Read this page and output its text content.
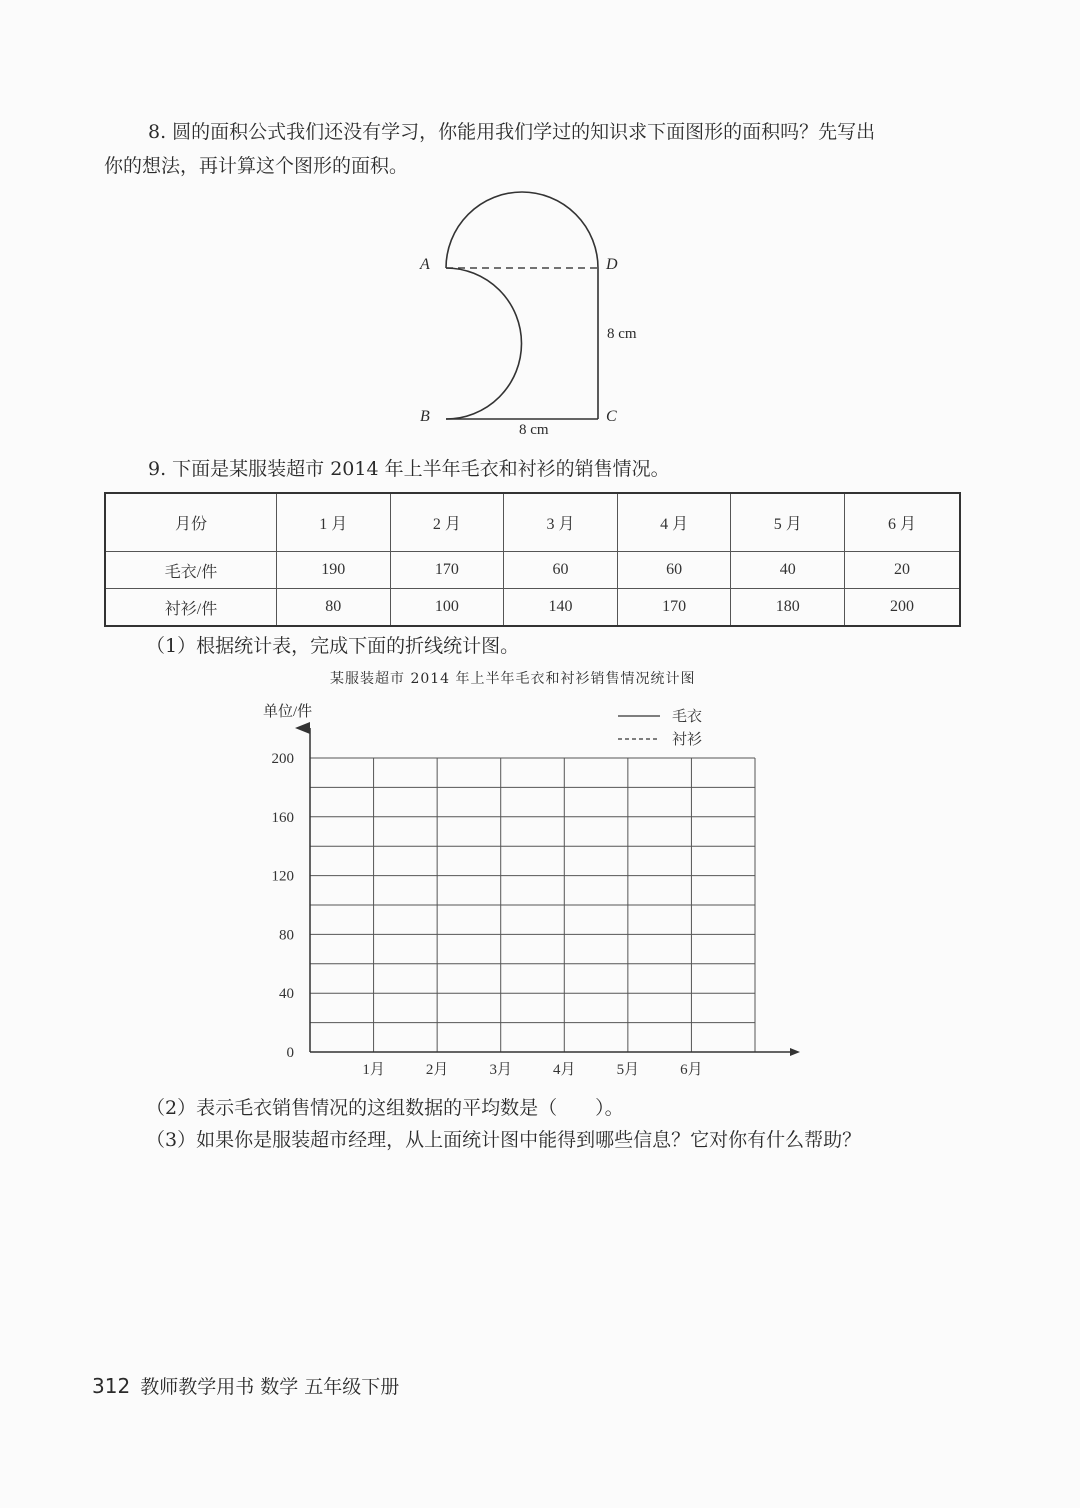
8. 圆的面积公式我们还没有学习，你能用我们学过的知识求下面图形的面积吗？先写出
你的想法，再计算这个图形的面积。
A	D
B	C
8 cm
8 cm
9. 下面是某服装超市 2014 年上半年毛衣和衬衫的销售情况。
月份	1 月	2 月	3 月	4 月	5 月	6 月
毛衣/件	190	170	60	60	40	20
衬衫/件	80	100	140	170	180	200
（1）根据统计表，完成下面的折线统计图。
某服装超市 2014 年上半年毛衣和衬衫销售情况统计图
单位/件
0
40
80
120
160
200
1月	2月	3月	4月	5月	6月
毛衣
衬衫
（2）表示毛衣销售情况的这组数据的平均数是（　　）。
（3）如果你是服装超市经理，从上面统计图中能得到哪些信息？它对你有什么帮助？
312 教师教学用书 数学 五年级下册
